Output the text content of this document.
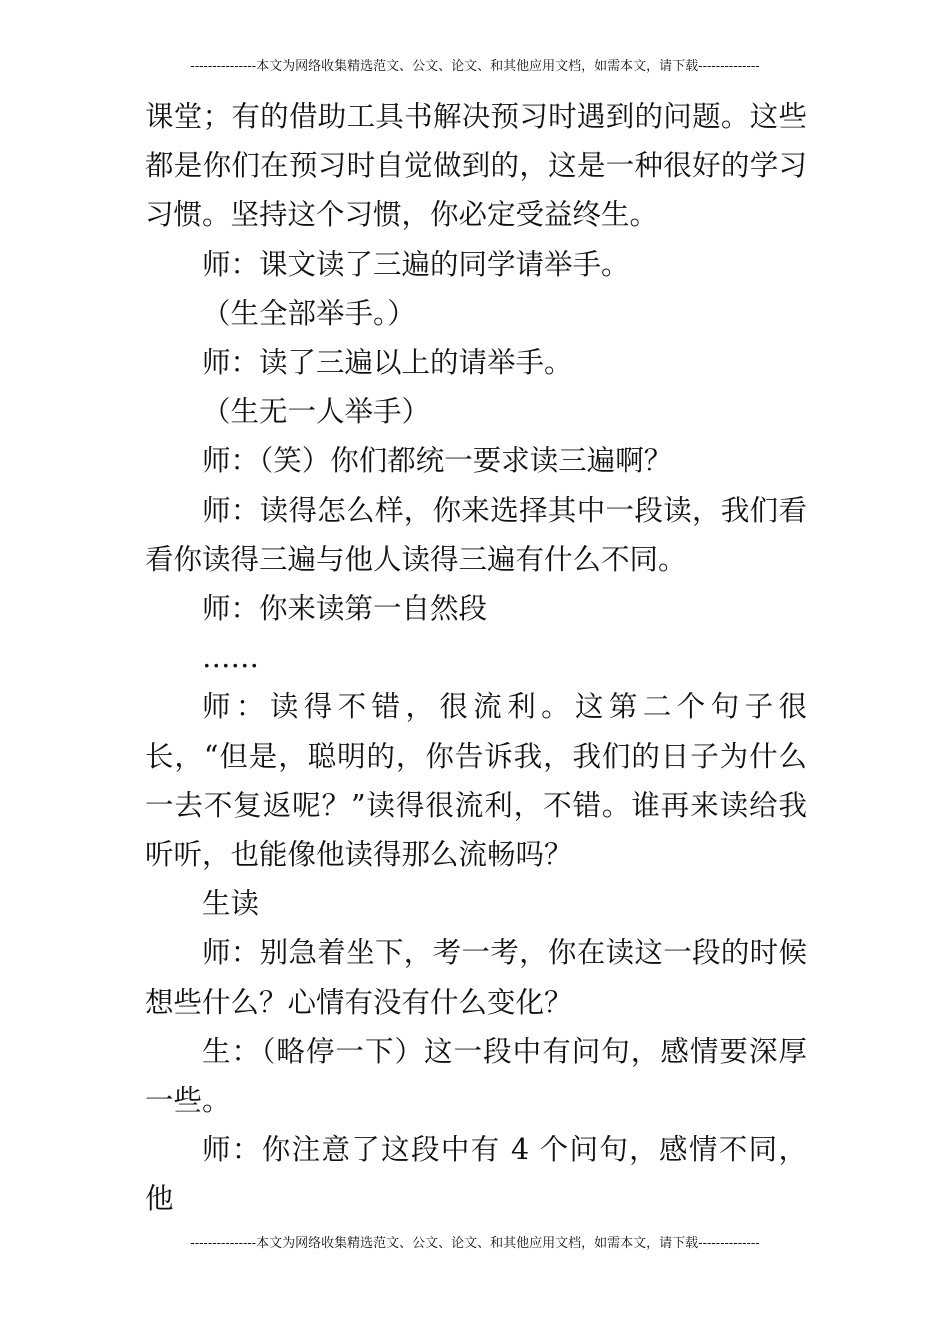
---------------本文为网络收集精选范文、公文、论文、和其他应用文档，如需本文，请下载--------------

课堂；有的借助工具书解决预习时遇到的问题。这些都是你们在预习时自觉做到的，这是一种很好的学习习惯。坚持这个习惯，你必定受益终生。

师：课文读了三遍的同学请举手。

（生全部举手。）

师：读了三遍以上的请举手。

（生无一人举手）

师：（笑）你们都统一要求读三遍啊？

师：读得怎么样，你来选择其中一段读，我们看看你读得三遍与他人读得三遍有什么不同。

师：你来读第一自然段

……

师：读得不错，很流利。这第二个句子很长，“但是，聪明的，你告诉我，我们的日子为什么一去不复返呢？”读得很流利，不错。谁再来读给我听听，也能像他读得那么流畅吗？

生读

师：别急着坐下，考一考，你在读这一段的时候想些什么？心情有没有什么变化？

生：（略停一下）这一段中有问句，感情要深厚一些。

师：你注意了这段中有 4 个问句，感情不同，他

---------------本文为网络收集精选范文、公文、论文、和其他应用文档，如需本文，请下载--------------
